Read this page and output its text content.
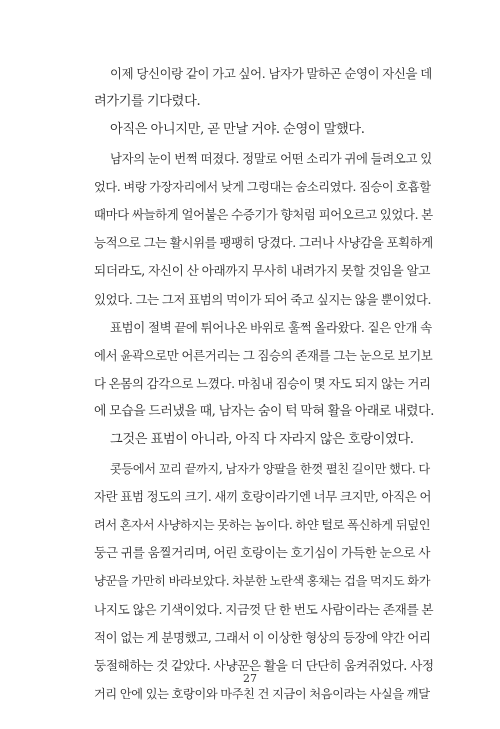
이제 당신이랑 같이 가고 싶어. 남자가 말하곤 순영이 자신을 데
려가기를 기다렸다.
아직은 아니지만, 곧 만날 거야. 순영이 말했다.
남자의 눈이 번쩍 떠졌다. 정말로 어떤 소리가 귀에 들려오고 있
었다. 벼랑 가장자리에서 낮게 그렁대는 숨소리였다. 짐승이 호흡할
때마다 싸늘하게 얼어붙은 수증기가 향처럼 피어오르고 있었다. 본
능적으로 그는 활시위를 팽팽히 당겼다. 그러나 사냥감을 포획하게
되더라도, 자신이 산 아래까지 무사히 내려가지 못할 것임을 알고
있었다. 그는 그저 표범의 먹이가 되어 죽고 싶지는 않을 뿐이었다.
표범이 절벽 끝에 튀어나온 바위로 훌쩍 올라왔다. 짙은 안개 속
에서 윤곽으로만 어른거리는 그 짐승의 존재를 그는 눈으로 보기보
다 온몸의 감각으로 느꼈다. 마침내 짐승이 몇 자도 되지 않는 거리
에 모습을 드러냈을 때, 남자는 숨이 턱 막혀 활을 아래로 내렸다.
그것은 표범이 아니라, 아직 다 자라지 않은 호랑이였다.
콧등에서 꼬리 끝까지, 남자가 양팔을 한껏 펼친 길이만 했다. 다
자란 표범 정도의 크기. 새끼 호랑이라기엔 너무 크지만, 아직은 어
려서 혼자서 사냥하지는 못하는 놈이다. 하얀 털로 폭신하게 뒤덮인
둥근 귀를 움찔거리며, 어린 호랑이는 호기심이 가득한 눈으로 사
냥꾼을 가만히 바라보았다. 차분한 노란색 홍채는 겁을 먹지도 화가
나지도 않은 기색이었다. 지금껏 단 한 번도 사람이라는 존재를 본
적이 없는 게 분명했고, 그래서 이 이상한 형상의 등장에 약간 어리
둥절해하는 것 같았다. 사냥꾼은 활을 더 단단히 움켜쥐었다. 사정
거리 안에 있는 호랑이와 마주친 건 지금이 처음이라는 사실을 깨달
27
